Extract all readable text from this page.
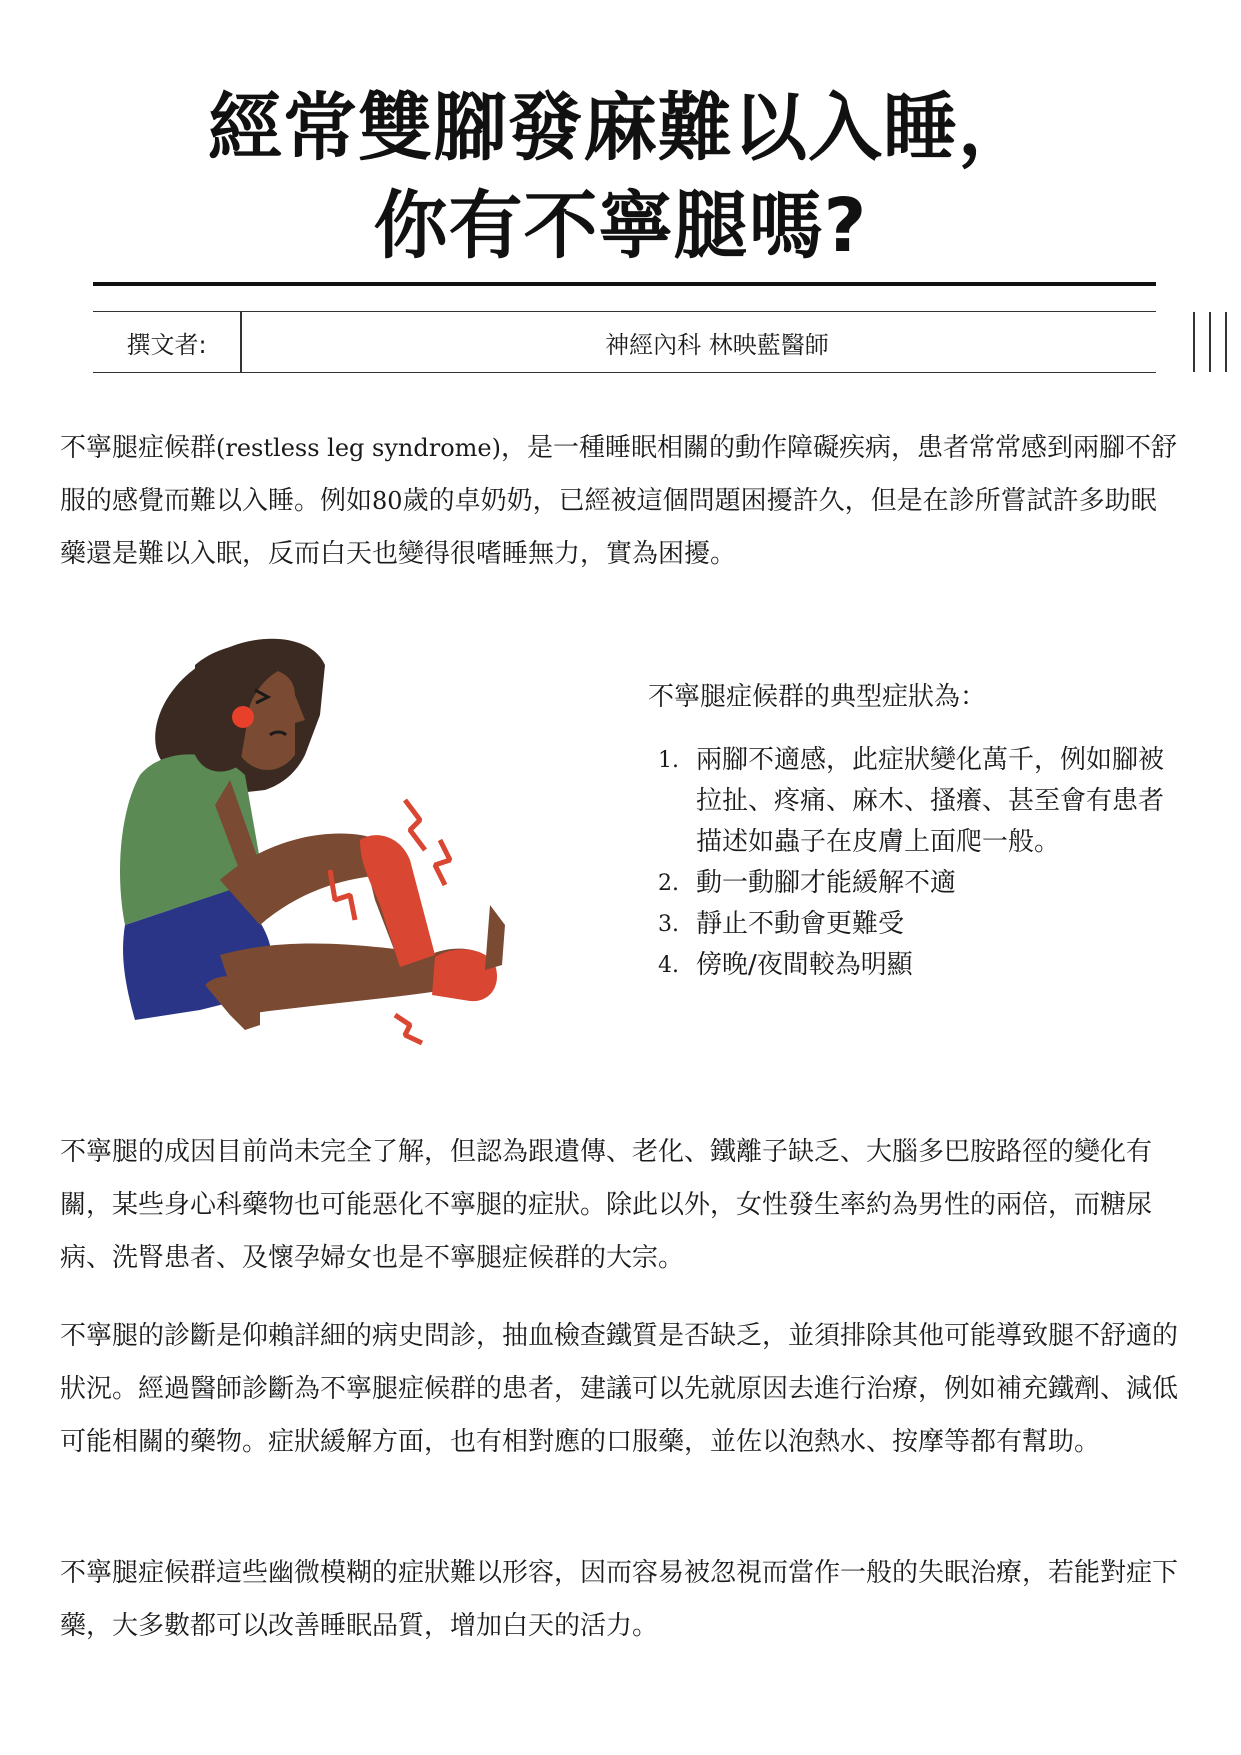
經常雙腳發麻難以入睡，
你有不寧腿嗎?
撰文者:	神經內科 林映藍醫師
不寧腿症候群(restless leg syndrome)，是一種睡眠相關的動作障礙疾病，患者常常感到兩腳不舒服的感覺而難以入睡。例如80歲的卓奶奶，已經被這個問題困擾許久，但是在診所嘗試許多助眠藥還是難以入眠，反而白天也變得很嗜睡無力，實為困擾。
不寧腿症候群的典型症狀為：
1. 兩腳不適感，此症狀變化萬千，例如腳被拉扯、疼痛、麻木、搔癢、甚至會有患者描述如蟲子在皮膚上面爬一般。
2. 動一動腳才能緩解不適
3. 靜止不動會更難受
4. 傍晚/夜間較為明顯
不寧腿的成因目前尚未完全了解，但認為跟遺傳、老化、鐵離子缺乏、大腦多巴胺路徑的變化有關，某些身心科藥物也可能惡化不寧腿的症狀。除此以外，女性發生率約為男性的兩倍，而糖尿病、洗腎患者、及懷孕婦女也是不寧腿症候群的大宗。
不寧腿的診斷是仰賴詳細的病史問診，抽血檢查鐵質是否缺乏，並須排除其他可能導致腿不舒適的狀況。經過醫師診斷為不寧腿症候群的患者，建議可以先就原因去進行治療，例如補充鐵劑、減低可能相關的藥物。症狀緩解方面，也有相對應的口服藥，並佐以泡熱水、按摩等都有幫助。
不寧腿症候群這些幽微模糊的症狀難以形容，因而容易被忽視而當作一般的失眠治療，若能對症下藥，大多數都可以改善睡眠品質，增加白天的活力。
